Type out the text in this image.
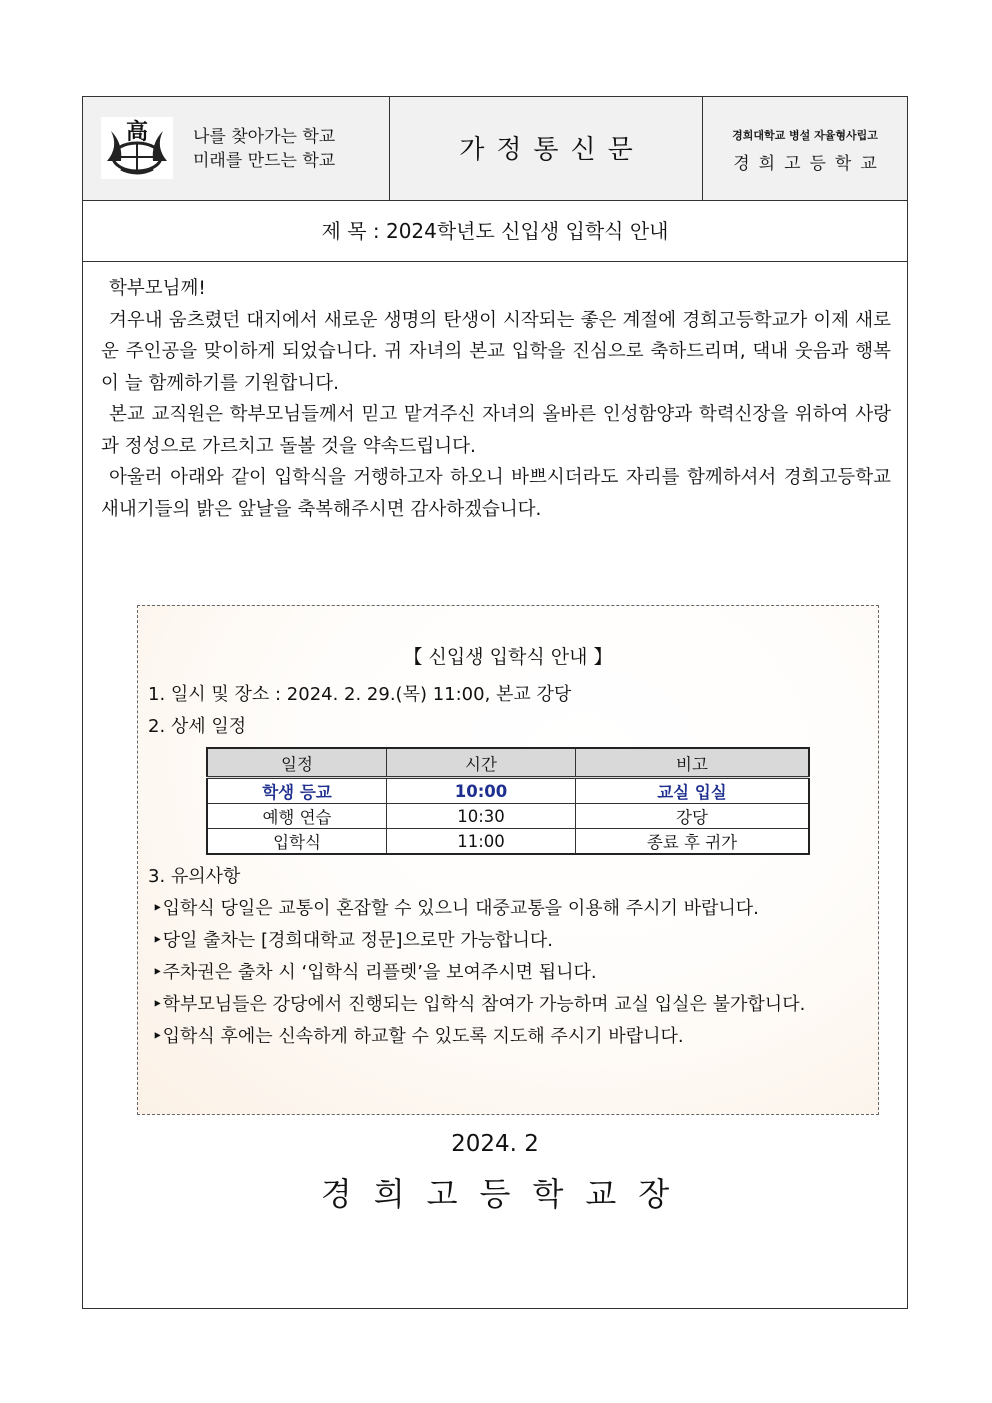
高	나를 찾아가는 학교
미래를 만드는 학교	가정통신문	경희대학교 병설 자율형사립고
경희고등학교
제 목 : 2024학년도 신입생 입학식 안내

학부모님께!

겨우내 움츠렸던 대지에서 새로운 생명의 탄생이 시작되는 좋은 계절에 경희고등학교가 이제 새로운 주인공을 맞이하게 되었습니다. 귀 자녀의 본교 입학을 진심으로 축하드리며, 댁내 웃음과 행복이 늘 함께하기를 기원합니다.

본교 교직원은 학부모님들께서 믿고 맡겨주신 자녀의 올바른 인성함양과 학력신장을 위하여 사랑과 정성으로 가르치고 돌볼 것을 약속드립니다.

아울러 아래와 같이 입학식을 거행하고자 하오니 바쁘시더라도 자리를 함께하셔서 경희고등학교 새내기들의 밝은 앞날을 축복해주시면 감사하겠습니다.

【 신입생 입학식 안내 】
1. 일시 및 장소 : 2024. 2. 29.(목) 11:00, 본교 강당
2. 상세 일정
일정	시간	비고
학생 등교	10:00	교실 입실
예행 연습	10:30	강당
입학식	11:00	종료 후 귀가
3. 유의사항
‣입학식 당일은 교통이 혼잡할 수 있으니 대중교통을 이용해 주시기 바랍니다.
‣당일 출차는 [경희대학교 정문]으로만 가능합니다.
‣주차권은 출차 시 ‘입학식 리플렛’을 보여주시면 됩니다.
‣학부모님들은 강당에서 진행되는 입학식 참여가 가능하며 교실 입실은 불가합니다.
‣입학식 후에는 신속하게 하교할 수 있도록 지도해 주시기 바랍니다.
2024. 2
경희고등학교장
